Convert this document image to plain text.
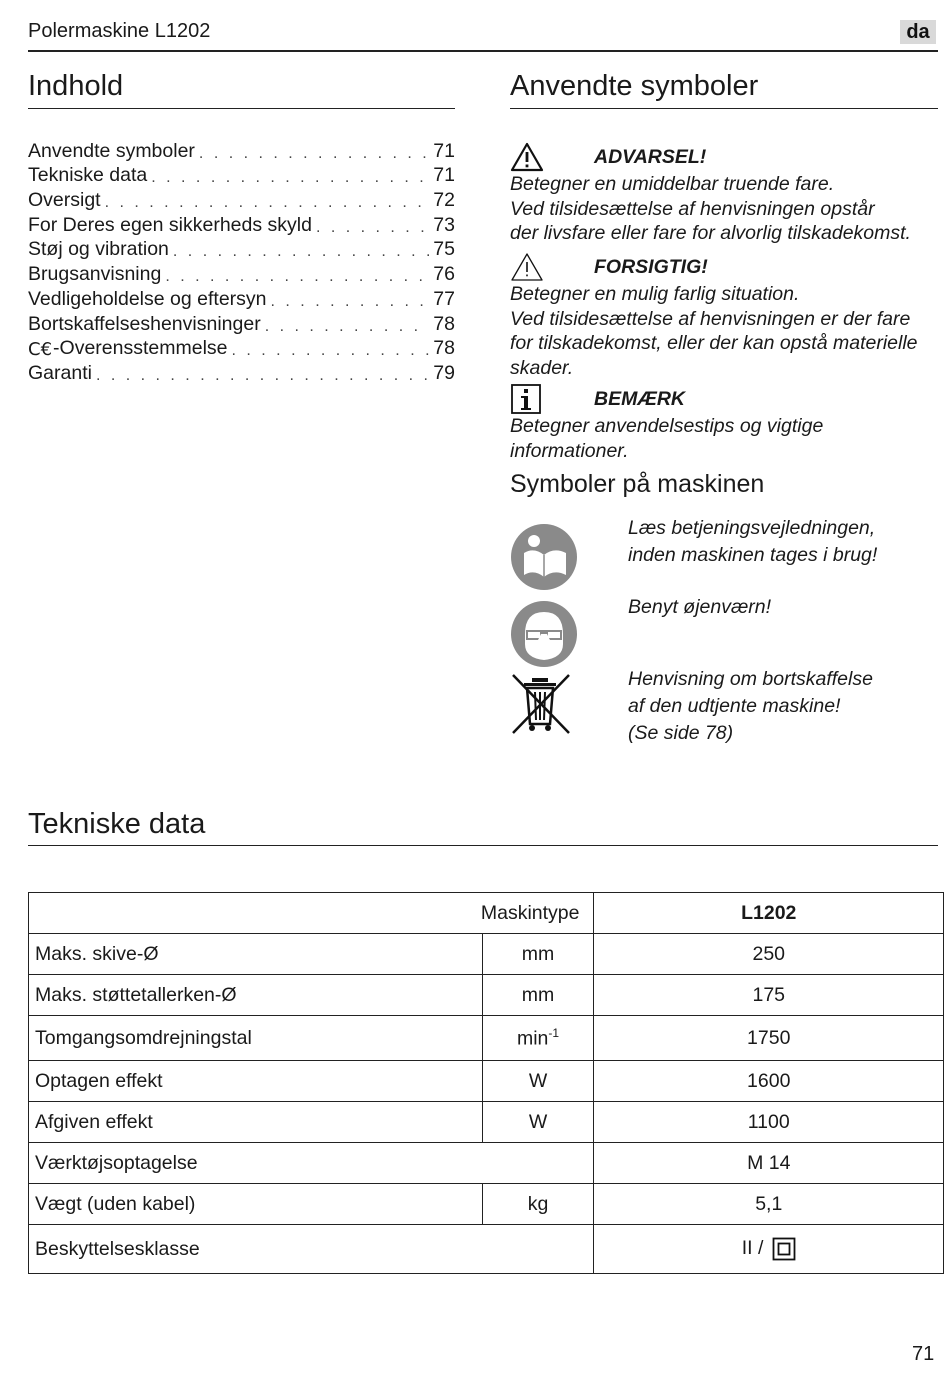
Polermaskine L1202	da
Indhold
Anvendte symboler . . .	71
Tekniske data . . .	71
Oversigt . . .	72
For Deres egen sikkerheds skyld . . .	73
Støj og vibration . . .	75
Brugsanvisning . . .	76
Vedligeholdelse og eftersyn . . .	77
Bortskaffelseshenvisninger . . .	78
C€ -Overensstemmelse . . .	78
Garanti . . .	79
Anvendte symboler
ADVARSEL!
Betegner en umiddelbar truende fare.
Ved tilsidesættelse af henvisningen opstår
der livsfare eller fare for alvorlig tilskadekomst.
FORSIGTIG!
Betegner en mulig farlig situation.
Ved tilsidesættelse af henvisningen er der fare
for tilskadekomst, eller der kan opstå materielle
skader.
BEMÆRK
Betegner anvendelsestips og vigtige
informationer.
Symboler på maskinen
Læs betjeningsvejledningen,
inden maskinen tages i brug!
Benyt øjenværn!
Henvisning om bortskaffelse
af den udtjente maskine!
(Se side 78)
Tekniske data
Maskintype		L1202
Maks. skive-Ø	mm	250
Maks. støttetallerken-Ø	mm	175
Tomgangsomdrejningstal	$\min^{-1}$	1750
Optagen effekt	W	1600
Afgiven effekt	W	1100
Værktøjsoptagelse		M 14
Vægt (uden kabel)	kg	5,1
Beskyttelsesklasse		II /
71
